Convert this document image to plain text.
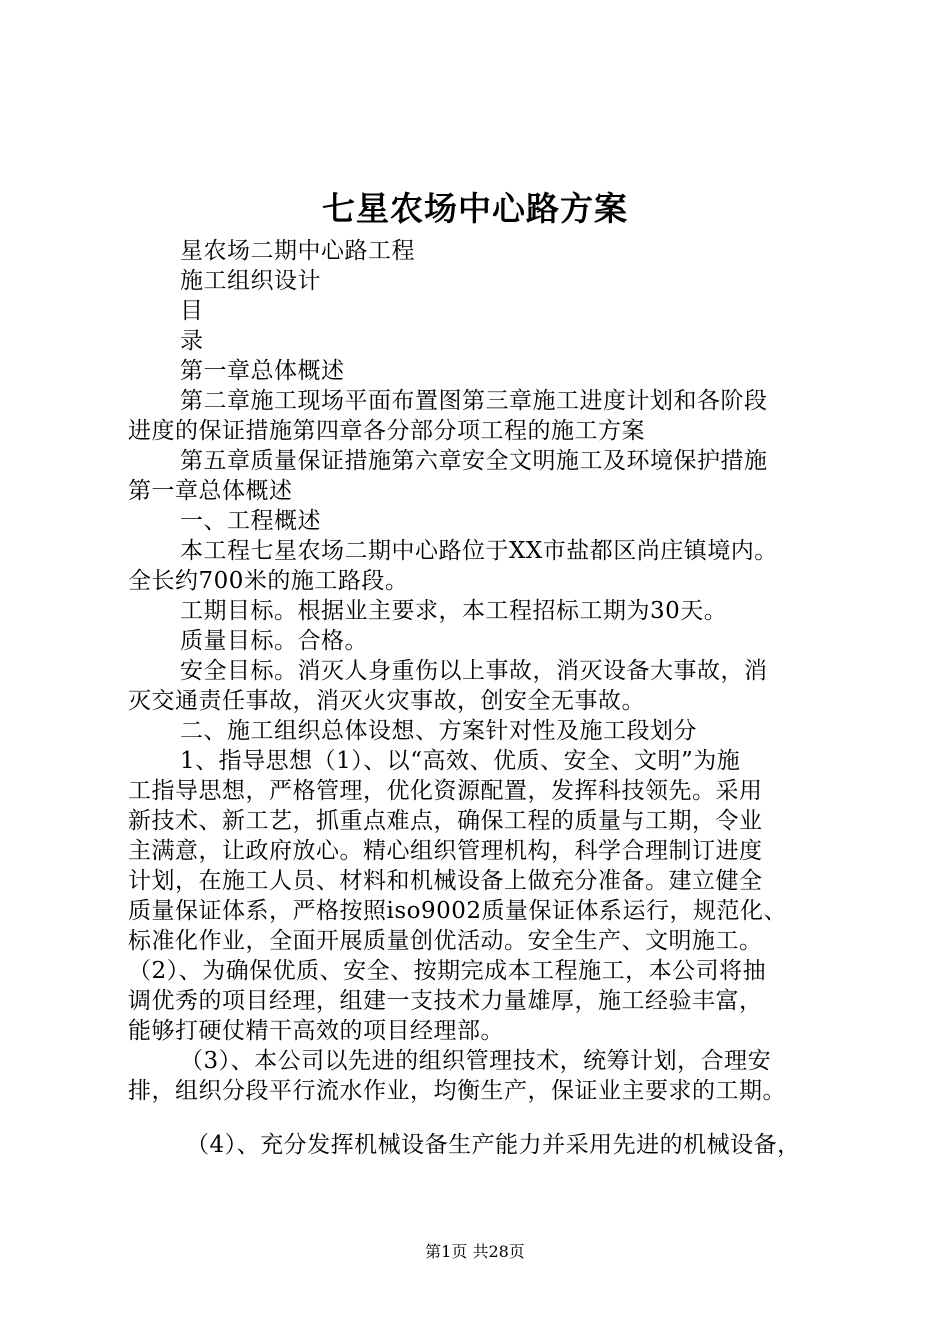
七星农场中心路方案
星农场二期中心路工程
施工组织设计
目
录
第一章总体概述
第二章施工现场平面布置图第三章施工进度计划和各阶段
进度的保证措施第四章各分部分项工程的施工方案
第五章质量保证措施第六章安全文明施工及环境保护措施
第一章总体概述
一、工程概述
本工程七星农场二期中心路位于XX市盐都区尚庄镇境内。
全长约700米的施工路段。
工期目标。根据业主要求，本工程招标工期为30天。
质量目标。合格。
安全目标。消灭人身重伤以上事故，消灭设备大事故，消
灭交通责任事故，消灭火灾事故，创安全无事故。
二、施工组织总体设想、方案针对性及施工段划分
1、指导思想（1）、以“高效、优质、安全、文明”为施
工指导思想，严格管理，优化资源配置，发挥科技领先。采用
新技术、新工艺，抓重点难点，确保工程的质量与工期，令业
主满意，让政府放心。精心组织管理机构，科学合理制订进度
计划，在施工人员、材料和机械设备上做充分准备。建立健全
质量保证体系，严格按照iso9002质量保证体系运行，规范化、
标准化作业，全面开展质量创优活动。安全生产、文明施工。
（2）、为确保优质、安全、按期完成本工程施工，本公司将抽
调优秀的项目经理，组建一支技术力量雄厚，施工经验丰富，
能够打硬仗精干高效的项目经理部。
（3）、本公司以先进的组织管理技术，统筹计划，合理安
排，组织分段平行流水作业，均衡生产，保证业主要求的工期。
（4）、充分发挥机械设备生产能力并采用先进的机械设备，
第1页 共28页
